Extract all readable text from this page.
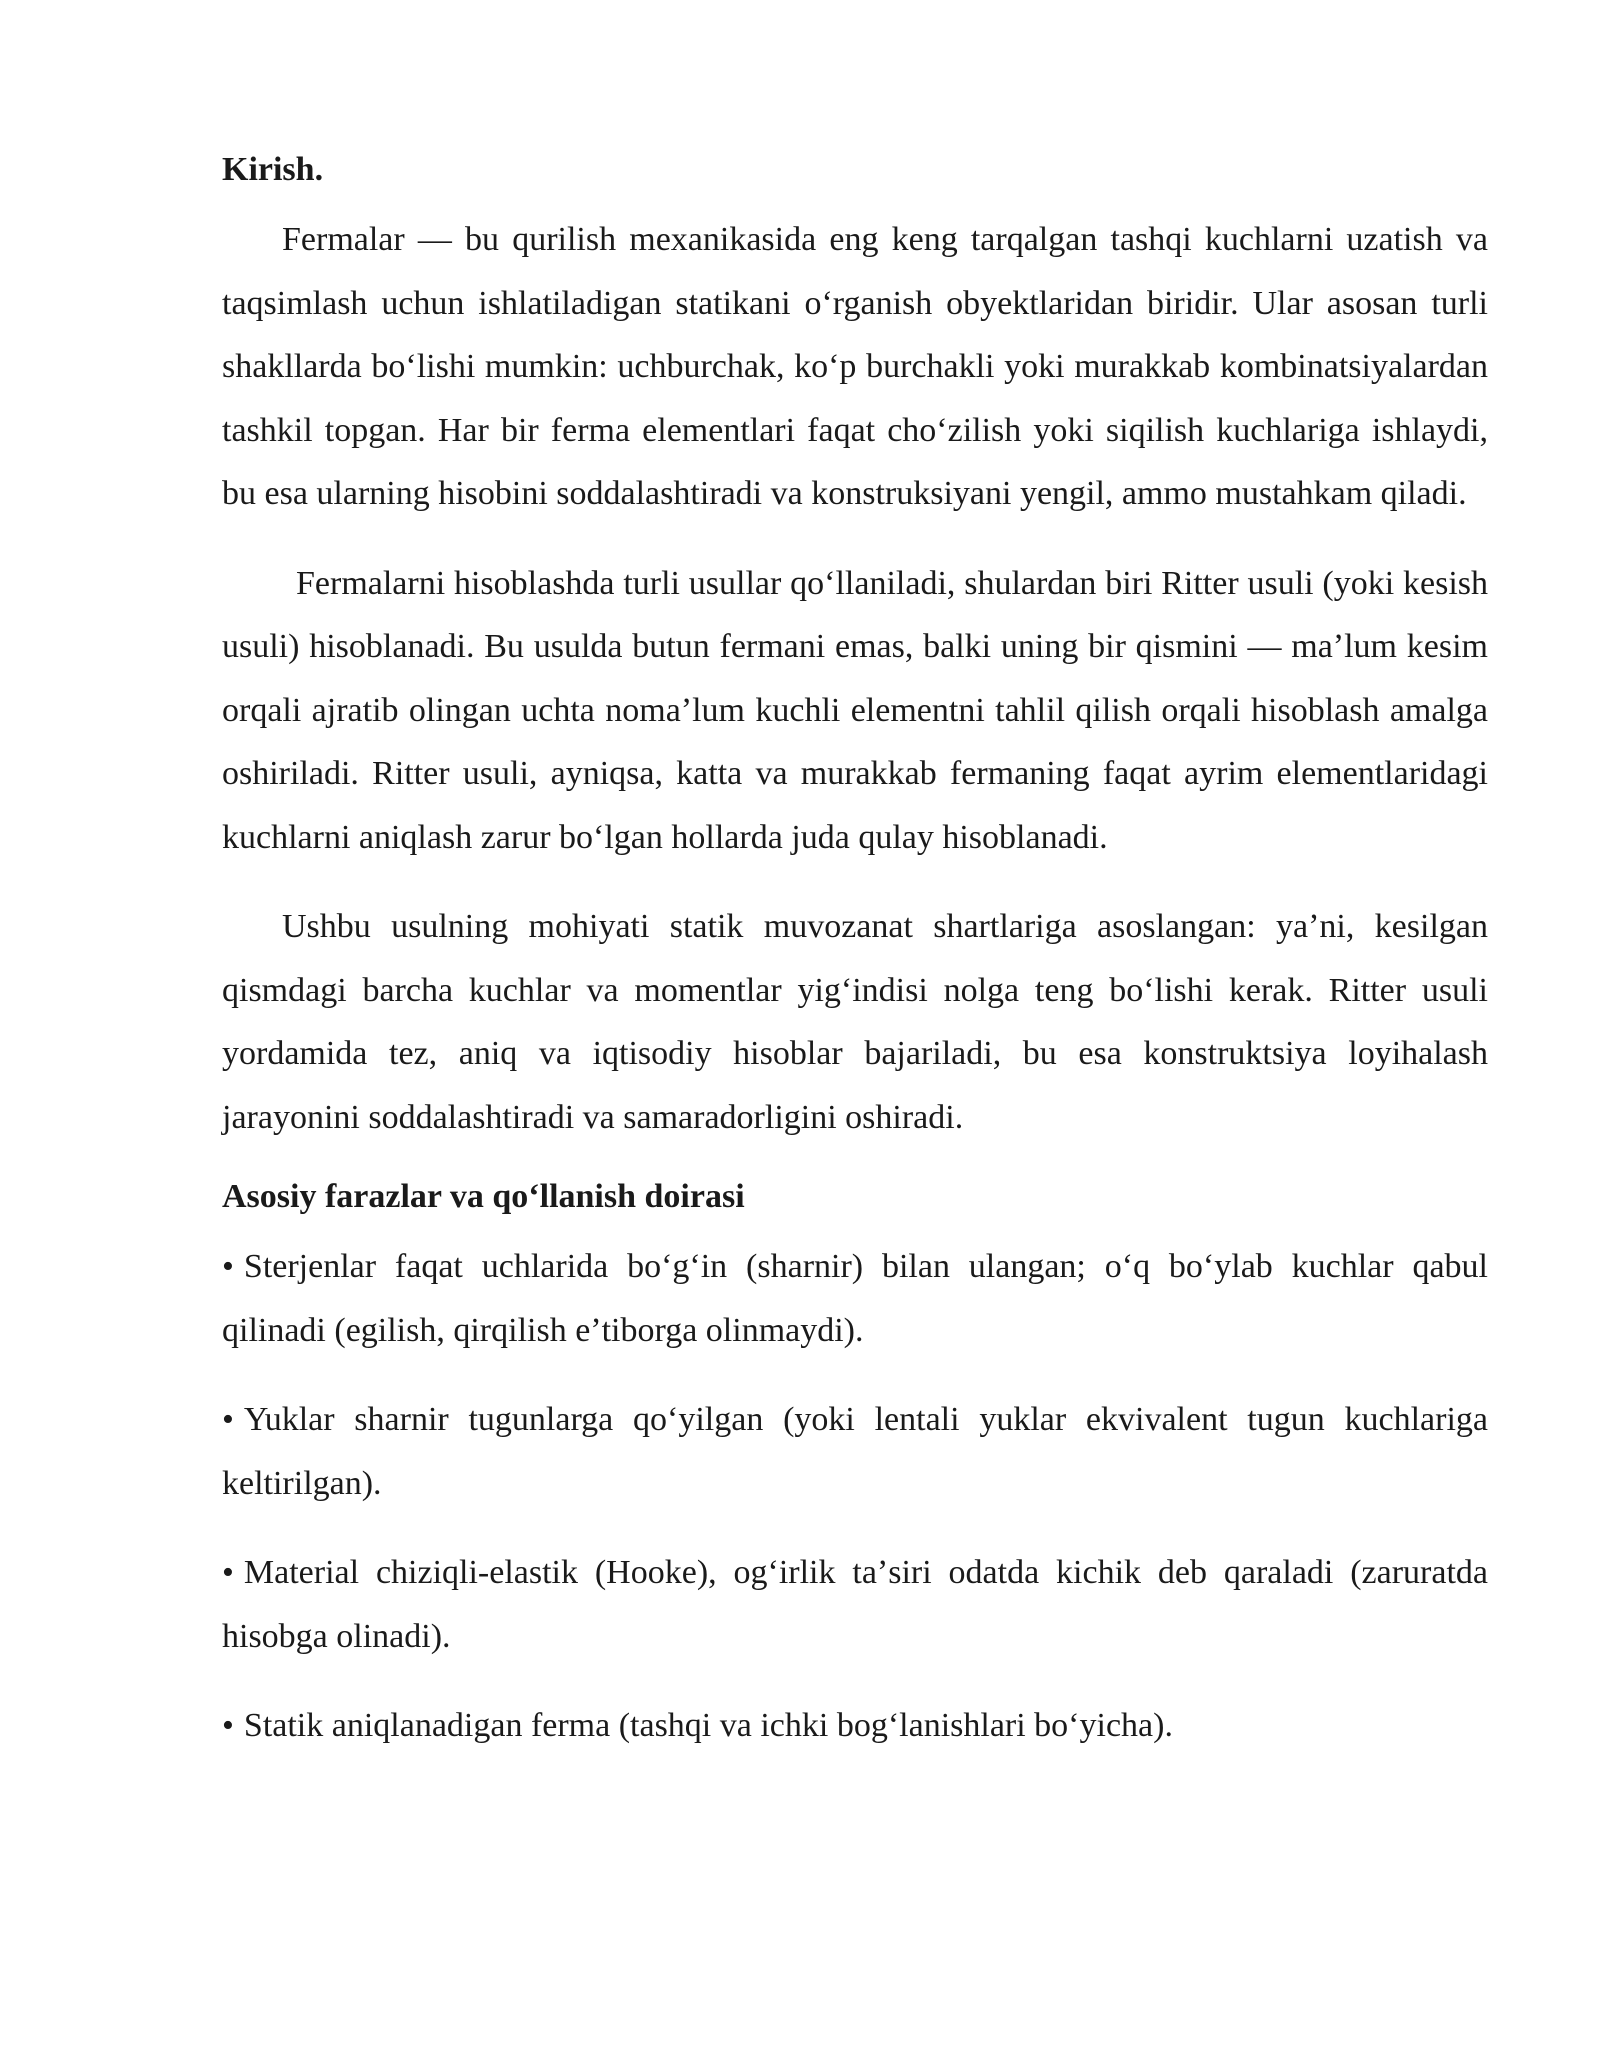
Kirish.

Fermalar — bu qurilish mexanikasida eng keng tarqalgan tashqi kuchlarni uzatish va taqsimlash uchun ishlatiladigan statikani oʻrganish obyektlaridan biridir. Ular asosan turli shakllarda boʻlishi mumkin: uchburchak, koʻp burchakli yoki murakkab kombinatsiyalardan tashkil topgan. Har bir ferma elementlari faqat choʻzilish yoki siqilish kuchlariga ishlaydi, bu esa ularning hisobini soddalashtiradi va konstruksiyani yengil, ammo mustahkam qiladi.

Fermalarni hisoblashda turli usullar qoʻllaniladi, shulardan biri Ritter usuli (yoki kesish usuli) hisoblanadi. Bu usulda butun fermani emas, balki uning bir qismini — maʼlum kesim orqali ajratib olingan uchta nomaʼlum kuchli elementni tahlil qilish orqali hisoblash amalga oshiriladi. Ritter usuli, ayniqsa, katta va murakkab fermaning faqat ayrim elementlaridagi kuchlarni aniqlash zarur boʻlgan hollarda juda qulay hisoblanadi.

Ushbu usulning mohiyati statik muvozanat shartlariga asoslangan: yaʼni, kesilgan qismdagi barcha kuchlar va momentlar yigʻindisi nolga teng boʻlishi kerak. Ritter usuli yordamida tez, aniq va iqtisodiy hisoblar bajariladi, bu esa konstruktsiya loyihalash jarayonini soddalashtiradi va samaradorligini oshiradi.

Asosiy farazlar va qoʻllanish doirasi

• Sterjenlar faqat uchlarida boʻgʻin (sharnir) bilan ulangan; oʻq boʻylab kuchlar qabul qilinadi (egilish, qirqilish eʼtiborga olinmaydi).

• Yuklar sharnir tugunlarga qoʻyilgan (yoki lentali yuklar ekvivalent tugun kuchlariga keltirilgan).

• Material chiziqli-elastik (Hooke), ogʻirlik taʼsiri odatda kichik deb qaraladi (zaruratda hisobga olinadi).

• Statik aniqlanadigan ferma (tashqi va ichki bogʻlanishlari boʻyicha).
